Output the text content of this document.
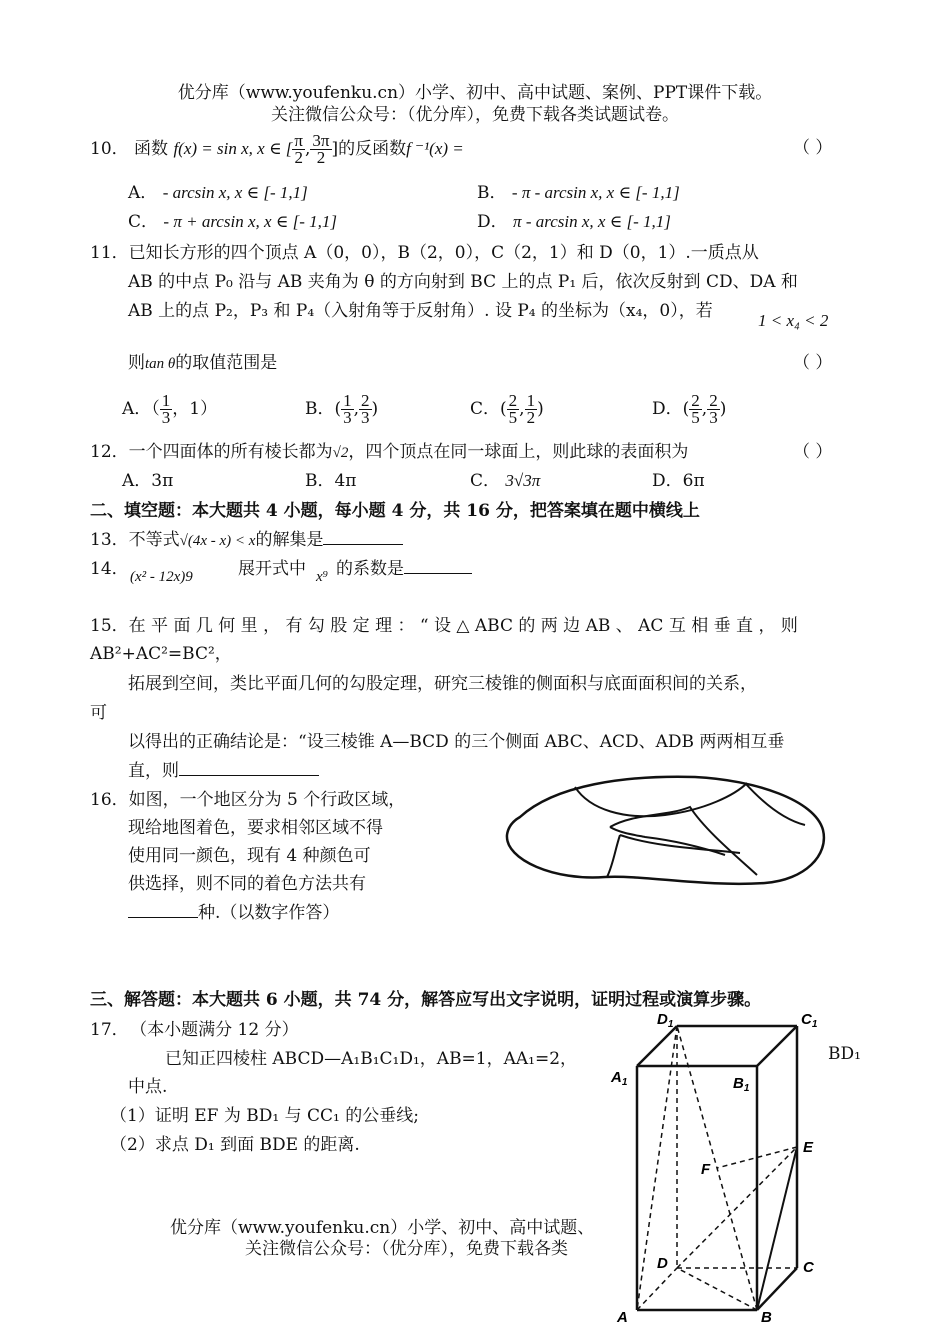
优分库（www.youfenku.cn）小学、初中、高中试题、案例、PPT课件下载。
关注微信公众号：（优分库），免费下载各类试题试卷。
10． 函数 f(x) = sin x, x ∈ [ $\frac{\pi}{2}$ , $\frac{3\pi}{2}$ ]的反函数f ⁻¹(x) =	（ ）
A． - arcsin x, x ∈ [- 1,1]	B． - π - arcsin x, x ∈ [- 1,1]
C． - π + arcsin x, x ∈ [- 1,1]	D． π - arcsin x, x ∈ [- 1,1]
11．已知长方形的四个顶点 A（0，0），B（2，0），C（2，1）和 D（0，1）.一质点从
AB 的中点 P₀ 沿与 AB 夹角为 θ 的方向射到 BC 上的点 P₁ 后，依次反射到 CD、DA 和
AB 上的点 P₂，P₃ 和 P₄（入射角等于反射角）. 设 P₄ 的坐标为（x₄，0），若	1 < x₄ < 2
则tan θ的取值范围是	（ ）
A．（ $\frac{1}{3}$ ，1）	B．( $\frac{1}{3}$ , $\frac{2}{3}$ )	C．( $\frac{2}{5}$ , $\frac{1}{2}$ )	D．( $\frac{2}{5}$ , $\frac{2}{3}$ )
12．一个四面体的所有棱长都为√2，四个顶点在同一球面上，则此球的表面积为	（ ）
A．3π	B．4π	C． 3√3π	D．6π
二、填空题：本大题共 4 小题，每小题 4 分，共 16 分，把答案填在题中横线上
13．不等式√(4x - x) < x的解集是
14． (x² - 12x)9	展开式中 x⁹ 的系数是
15．在 平 面 几 何 里 ， 有 勾 股 定 理 ： “ 设 △ ABC 的 两 边 AB 、 AC 互 相 垂 直 ， 则
AB²+AC²=BC²，
拓展到空间，类比平面几何的勾股定理，研究三棱锥的侧面积与底面面积间的关系，
可
以得出的正确结论是：“设三棱锥 A—BCD 的三个侧面 ABC、ACD、ADB 两两相互垂
直，则
16．如图，一个地区分为 5 个行政区域，
现给地图着色，要求相邻区域不得
使用同一颜色，现有 4 种颜色可
供选择，则不同的着色方法共有
种.（以数字作答）
三、解答题：本大题共 6 小题，共 74 分，解答应写出文字说明，证明过程或演算步骤。
17． （本小题满分 12 分）
已知正四棱柱 ABCD—A₁B₁C₁D₁，AB=1，AA₁=2，	BD₁
中点.
（1）证明 EF 为 BD₁ 与 CC₁ 的公垂线;
（2）求点 D₁ 到面 BDE 的距离.
优分库（www.youfenku.cn）小学、初中、高中试题、
关注微信公众号：（优分库），免费下载各类
$D_1$	$C_1$
$A_1$	$B_1$
E
F
D	C
A	B
